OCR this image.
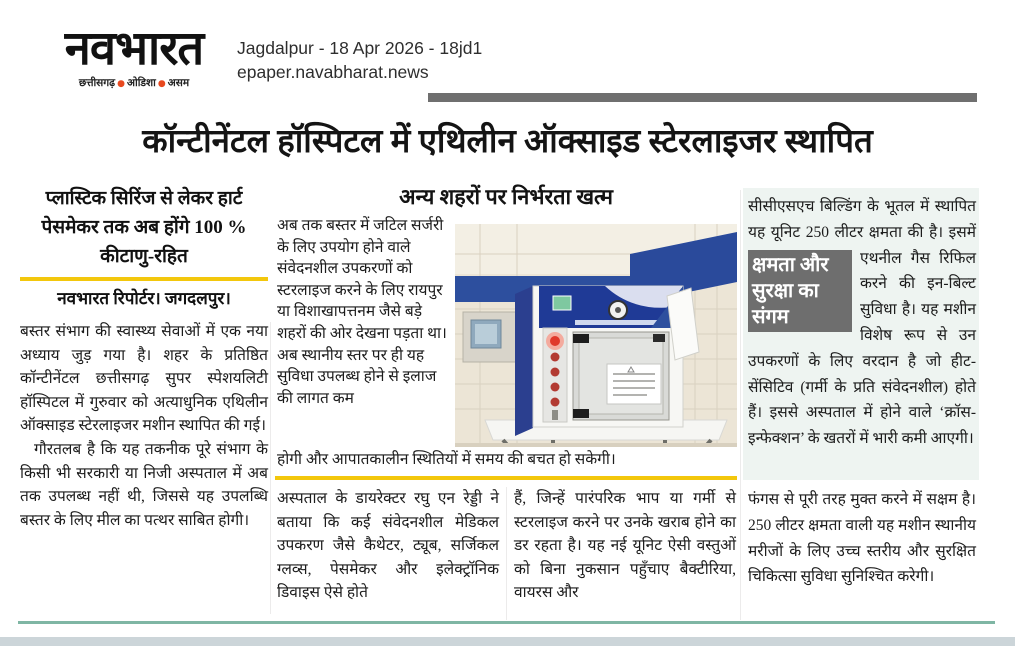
नवभारत
छत्तीसगढ़ ● ओडिशा ● असम
Jagdalpur - 18 Apr 2026 - 18jd1
epaper.navabharat.news
कॉन्टीनेंटल हॉस्पिटल में एथिलीन ऑक्साइड स्टेरलाइजर स्थापित
प्लास्टिक सिरिंज से लेकर हार्ट पेसमेकर तक अब होंगे 100 % कीटाणु-रहित
नवभारत रिपोर्टर। जगदलपुर।

बस्तर संभाग की स्वास्थ्य सेवाओं में एक नया अध्याय जुड़ गया है। शहर के प्रतिष्ठित कॉन्टीनेंटल छत्तीसगढ़ सुपर स्पेशयलिटी हॉस्पिटल में गुरुवार को अत्याधुनिक एथिलीन ऑक्साइड स्टेरलाइजर मशीन स्थापित की गई।

गौरतलब है कि यह तकनीक पूरे संभाग के किसी भी सरकारी या निजी अस्पताल में अब तक उपलब्ध नहीं थी, जिससे यह उपलब्धि बस्तर के लिए मील का पत्थर साबित होगी।

अन्य शहरों पर निर्भरता खत्म
अब तक बस्तर में जटिल सर्जरी के लिए उपयोग होने वाले संवेदनशील उपकरणों को स्टरलाइज करने के लिए रायपुर या विशाखापत्तनम जैसे बड़े शहरों की ओर देखना पड़ता था। अब स्थानीय स्तर पर ही यह सुविधा उपलब्ध होने से इलाज की लागत कम
होगी और आपातकालीन स्थितियों में समय की बचत हो सकेगी।
अस्पताल के डायरेक्टर रघु एन रेड्डी ने बताया कि कई संवेदनशील मेडिकल उपकरण जैसे कैथेटर, ट्यूब, सर्जिकल ग्लव्स, पेसमेकर और इलेक्ट्रॉनिक डिवाइस ऐसे होते
हैं, जिन्हें पारंपरिक भाप या गर्मी से स्टरलाइज करने पर उनके खराब होने का डर रहता है। यह नई यूनिट ऐसी वस्तुओं को बिना नुकसान पहुँचाए बैक्टीरिया, वायरस और
सीसीएसएच बिल्डिंग के भूतल में स्थापित यह यूनिट 250 लीटर क्षमता की है। इसमें एथनील गैस रिफिल
क्षमता और सुरक्षा का संगम
करने की इन-बिल्ट सुविधा है। यह मशीन विशेष रूप से उन उपकरणों के लिए वरदान है जो हीट-सेंसिटिव (गर्मी के प्रति संवेदनशील) होते हैं। इससे अस्पताल में होने वाले ‘क्रॉस-इन्फेक्शन’ के खतरों में भारी कमी आएगी।
फंगस से पूरी तरह मुक्त करने में सक्षम है। 250 लीटर क्षमता वाली यह मशीन स्थानीय मरीजों के लिए उच्च स्तरीय और सुरक्षित चिकित्सा सुविधा सुनिश्चित करेगी।
